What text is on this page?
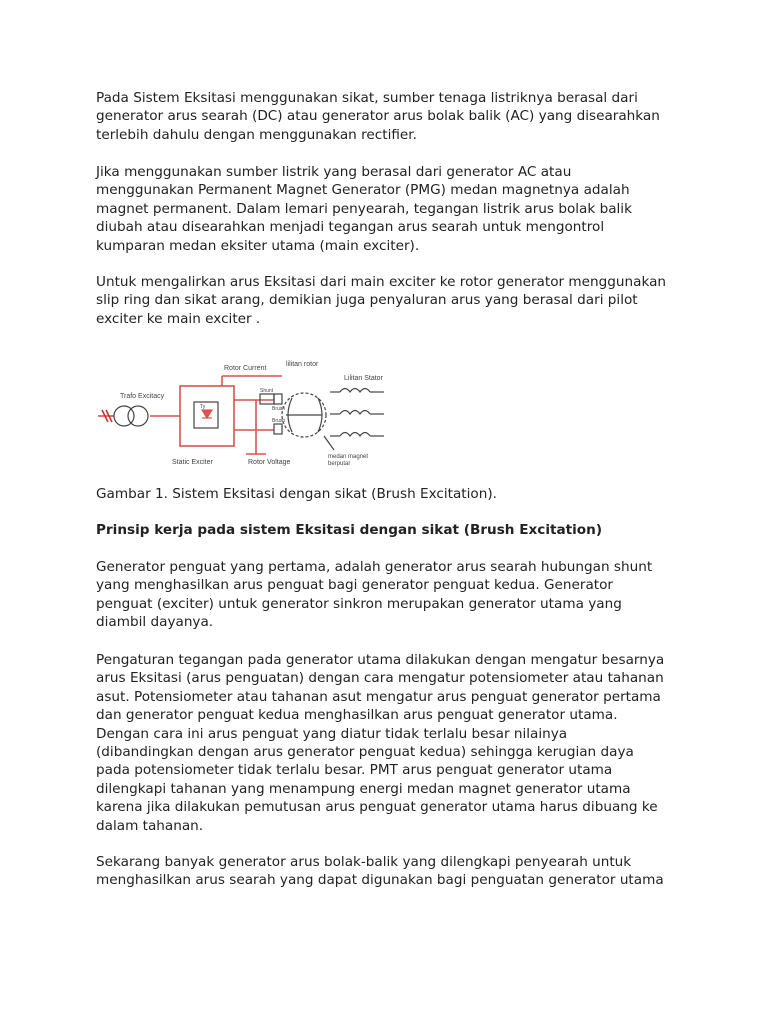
Pada Sistem Eksitasi menggunakan sikat, sumber tenaga listriknya berasal dari
generator arus searah (DC) atau generator arus bolak balik (AC) yang disearahkan
terlebih dahulu dengan menggunakan rectifier.

Jika menggunakan sumber listrik yang berasal dari generator AC atau
menggunakan Permanent Magnet Generator (PMG) medan magnetnya adalah
magnet permanent. Dalam lemari penyearah, tegangan listrik arus bolak balik
diubah atau disearahkan menjadi tegangan arus searah untuk mengontrol
kumparan medan eksiter utama (main exciter).

Untuk mengalirkan arus Eksitasi dari main exciter ke rotor generator menggunakan
slip ring dan sikat arang, demikian juga penyaluran arus yang berasal dari pilot
exciter ke main exciter .

Trafo Excitacy
Rotor Current
lilitan rotor
Lilitan Stator
Shunt
Brush
Brush
Ty
Static Exciter	Rotor Voltage
medan magnet
berputar

Gambar 1. Sistem Eksitasi dengan sikat (Brush Excitation).

Prinsip kerja pada sistem Eksitasi dengan sikat (Brush Excitation)

Generator penguat yang pertama, adalah generator arus searah hubungan shunt
yang menghasilkan arus penguat bagi generator penguat kedua. Generator
penguat (exciter) untuk generator sinkron merupakan generator utama yang
diambil dayanya.

Pengaturan tegangan pada generator utama dilakukan dengan mengatur besarnya
arus Eksitasi (arus penguatan) dengan cara mengatur potensiometer atau tahanan
asut. Potensiometer atau tahanan asut mengatur arus penguat generator pertama
dan generator penguat kedua menghasilkan arus penguat generator utama.
Dengan cara ini arus penguat yang diatur tidak terlalu besar nilainya
(dibandingkan dengan arus generator penguat kedua) sehingga kerugian daya
pada potensiometer tidak terlalu besar. PMT arus penguat generator utama
dilengkapi tahanan yang menampung energi medan magnet generator utama
karena jika dilakukan pemutusan arus penguat generator utama harus dibuang ke
dalam tahanan.

Sekarang banyak generator arus bolak-balik yang dilengkapi penyearah untuk
menghasilkan arus searah yang dapat digunakan bagi penguatan generator utama
